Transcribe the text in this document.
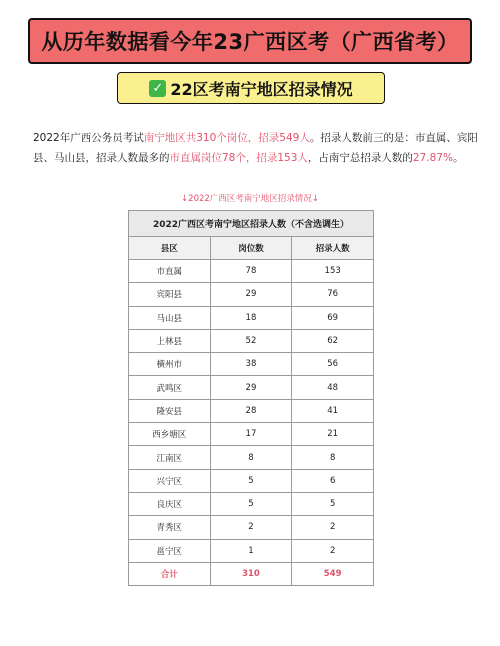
从历年数据看今年23广西区考（广西省考）
✓ 22区考南宁地区招录情况

2022年广西公务员考试南宁地区共310个岗位，招录549人。招录人数前三的是：市直属、宾阳县、马山县，招录人数最多的市直属岗位78个，招录153人，占南宁总招录人数的27.87%。

↓2022广西区考南宁地区招录情况↓
2022广西区考南宁地区招录人数（不含选调生）		
县区	岗位数	招录人数
市直属	78	153
宾阳县	29	76
马山县	18	69
上林县	52	62
横州市	38	56
武鸣区	29	48
隆安县	28	41
西乡塘区	17	21
江南区	8	8
兴宁区	5	6
良庆区	5	5
青秀区	2	2
邕宁区	1	2
合计	310	549
